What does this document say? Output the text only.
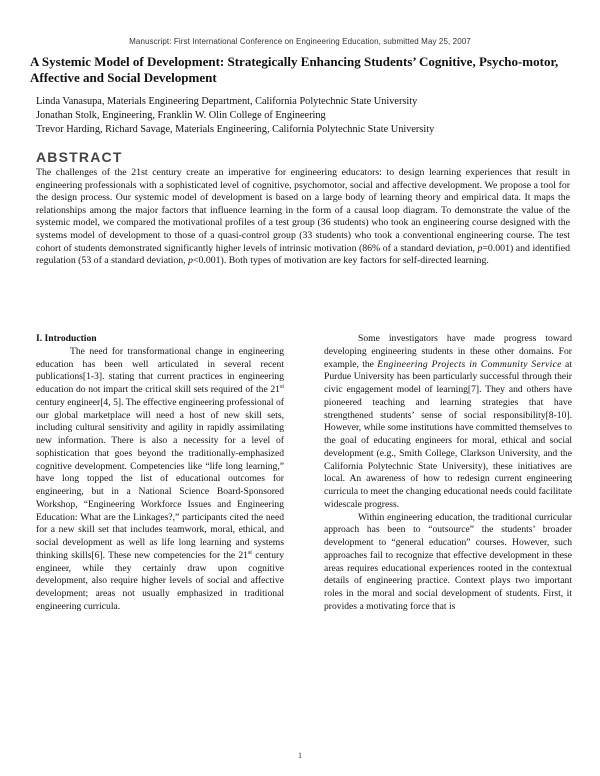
Manuscript: First International Conference on Engineering Education, submitted May 25, 2007
A Systemic Model of Development: Strategically Enhancing Students’ Cognitive, Psycho-motor, Affective and Social Development
Linda Vanasupa, Materials Engineering Department, California Polytechnic State University
Jonathan Stolk, Engineering, Franklin W. Olin College of Engineering
Trevor Harding, Richard Savage, Materials Engineering, California Polytechnic State University
ABSTRACT
The challenges of the 21st century create an imperative for engineering educators: to design learning experiences that result in engineering professionals with a sophisticated level of cognitive, psychomotor, social and affective development. We propose a tool for the design process. Our systemic model of development is based on a large body of learning theory and empirical data. It maps the relationships among the major factors that influence learning in the form of a causal loop diagram. To demonstrate the value of the systemic model, we compared the motivational profiles of a test group (36 students) who took an engineering course designed with the systems model of development to those of a quasi-control group (33 students) who took a conventional engineering course. The test cohort of students demonstrated significantly higher levels of intrinsic motivation (86% of a standard deviation, p=0.001) and identified regulation (53 of a standard deviation, p<0.001). Both types of motivation are key factors for self-directed learning.
I. Introduction

The need for transformational change in engineering education has been well articulated in several recent publications[1-3]. stating that current practices in engineering education do not impart the critical skill sets required of the 21st century engineer[4, 5]. The effective engineering professional of our global marketplace will need a host of new skill sets, including cultural sensitivity and agility in rapidly assimilating new information. There is also a necessity for a level of sophistication that goes beyond the traditionally-emphasized cognitive development. Competencies like “life long learning,” have long topped the list of educational outcomes for engineering, but in a National Science Board-Sponsored Workshop, “Engineering Workforce Issues and Engineering Education: What are the Linkages?,” participants cited the need for a new skill set that includes teamwork, moral, ethical, and social development as well as life long learning and systems thinking skills[6]. These new competencies for the 21st century engineer, while they certainly draw upon cognitive development, also require higher levels of social and affective development; areas not usually emphasized in traditional engineering curricula.

Some investigators have made progress toward developing engineering students in these other domains. For example, the Engineering Projects in Community Service at Purdue University has been particularly successful through their civic engagement model of learning[7]. They and others have pioneered teaching and learning strategies that have strengthened students’ sense of social responsibility[8-10]. However, while some institutions have committed themselves to the goal of educating engineers for moral, ethical and social development (e.g., Smith College, Clarkson University, and the California Polytechnic State University), these initiatives are local. An awareness of how to redesign current engineering curricula to meet the changing educational needs could facilitate widescale progress.

Within engineering education, the traditional curricular approach has been to “outsource” the students’ broader development to “general education” courses. However, such approaches fail to recognize that effective development in these areas requires educational experiences rooted in the contextual details of engineering practice. Context plays two important roles in the moral and social development of students. First, it provides a motivating force that is

1
